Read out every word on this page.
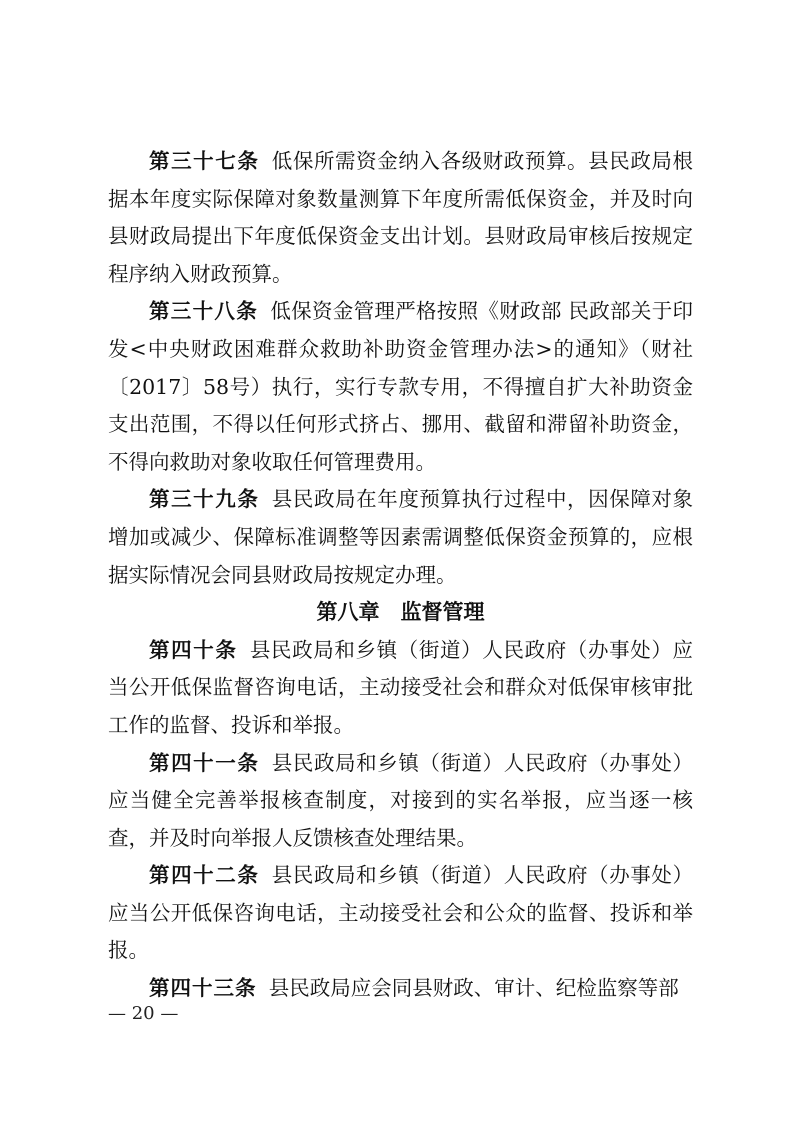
第三十七条 低保所需资金纳入各级财政预算。县民政局根据本年度实际保障对象数量测算下年度所需低保资金，并及时向县财政局提出下年度低保资金支出计划。县财政局审核后按规定程序纳入财政预算。

第三十八条 低保资金管理严格按照《财政部 民政部关于印发<中央财政困难群众救助补助资金管理办法>的通知》（财社〔2017〕58号）执行，实行专款专用，不得擅自扩大补助资金支出范围，不得以任何形式挤占、挪用、截留和滞留补助资金，不得向救助对象收取任何管理费用。

第三十九条 县民政局在年度预算执行过程中，因保障对象增加或减少、保障标准调整等因素需调整低保资金预算的，应根据实际情况会同县财政局按规定办理。

第八章　监督管理

第四十条 县民政局和乡镇（街道）人民政府（办事处）应当公开低保监督咨询电话，主动接受社会和群众对低保审核审批工作的监督、投诉和举报。

第四十一条 县民政局和乡镇（街道）人民政府（办事处）应当健全完善举报核查制度，对接到的实名举报，应当逐一核查，并及时向举报人反馈核查处理结果。

第四十二条 县民政局和乡镇（街道）人民政府（办事处）应当公开低保咨询电话，主动接受社会和公众的监督、投诉和举报。

第四十三条 县民政局应会同县财政、审计、纪检监察等部

— 20 —
